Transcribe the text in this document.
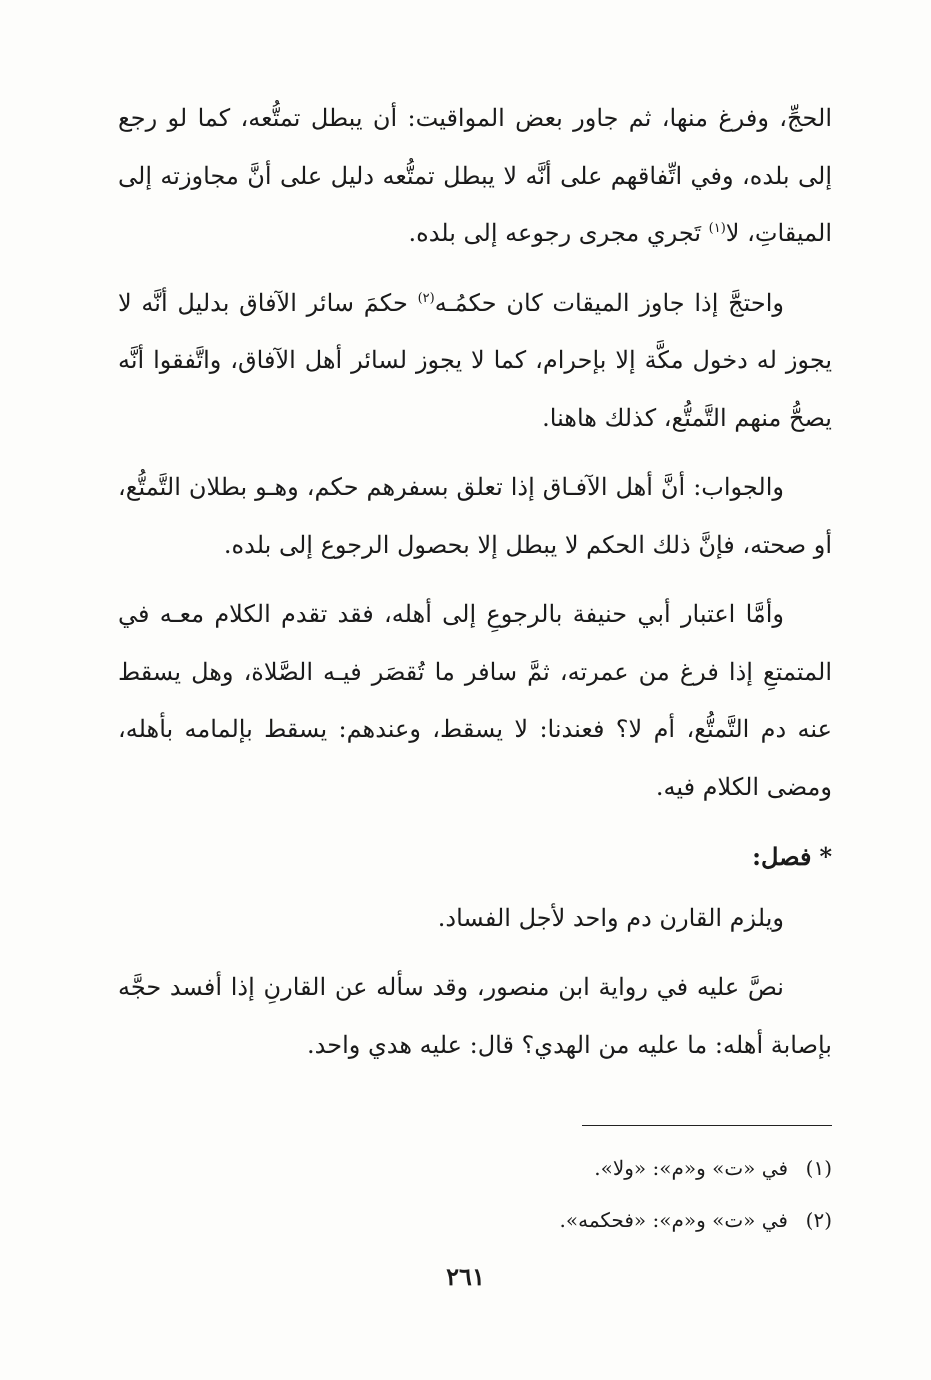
الحجِّ، وفرغ منها، ثم جاور بعض المواقيت: أن يبطل تمتُّعه، كما لو رجع إلى بلده، وفي اتِّفاقهم على أنَّه لا يبطل تمتُّعه دليل على أنَّ مجاوزته إلى الميقاتِ، لا$^{(١)}$ تَجري مجرى رجوعه إلى بلده.

واحتجَّ إذا جاوز الميقات كان حكمُـه$^{(٢)}$ حكمَ سائر الآفاق بدليل أنَّه لا يجوز له دخول مكَّة إلا بإحرام، كما لا يجوز لسائر أهل الآفاق، واتَّفقوا أنَّه يصحُّ منهم التَّمتُّع، كذلك هاهنا.

والجواب: أنَّ أهل الآفـاق إذا تعلق بسفرهم حكم، وهـو بطلان التَّمتُّع، أو صحته، فإنَّ ذلك الحكم لا يبطل إلا بحصول الرجوع إلى بلده.

وأمَّا اعتبار أبي حنيفة بالرجوعِ إلى أهله، فقد تقدم الكلام معـه في المتمتعِ إذا فرغ من عمرته، ثمَّ سافر ما تُقصَر فيـه الصَّلاة، وهل يسقط عنه دم التَّمتُّع، أم لا؟ فعندنا: لا يسقط، وعندهم: يسقط بإلمامه بأهله، ومضى الكلام فيه.

*فصل:

ويلزم القارن دم واحد لأجل الفساد.

نصَّ عليه في رواية ابن منصور، وقد سأله عن القارنِ إذا أفسد حجَّه بإصابة أهله: ما عليه من الهدي؟ قال: عليه هدي واحد.

(١)في «ت» و«م»: «ولا».
(٢)في «ت» و«م»: «فحكمه».
٢٦١
